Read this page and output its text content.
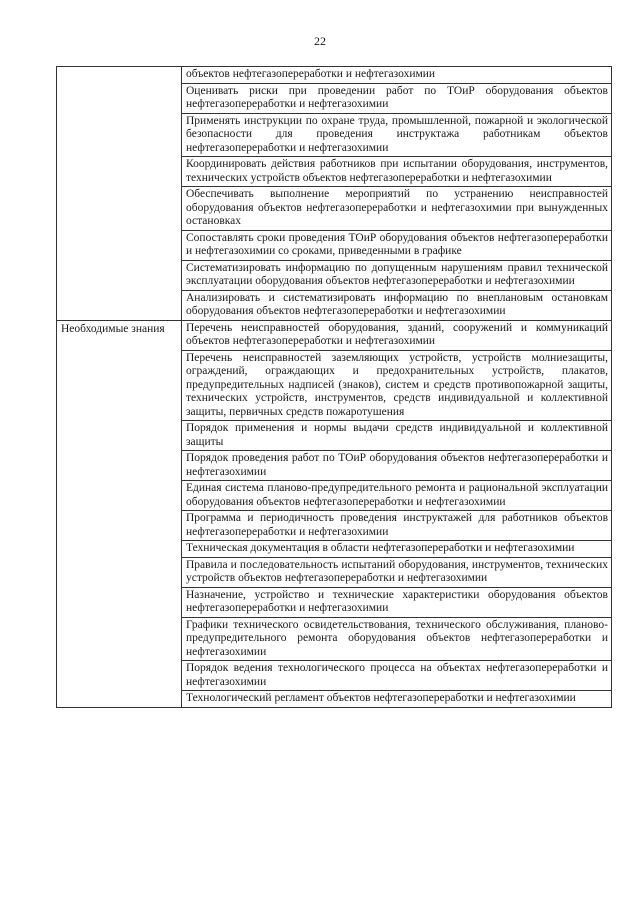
22
	объектов нефтегазопереработки и нефтегазохимии
	Оценивать риски при проведении работ по ТОиР оборудования объектов нефтегазопереработки и нефтегазохимии
	Применять инструкции по охране труда, промышленной, пожарной и экологической безопасности для проведения инструктажа работникам объектов нефтегазопереработки и нефтегазохимии
	Координировать действия работников при испытании оборудования, инструментов, технических устройств объектов нефтегазопереработки и нефтегазохимии
	Обеспечивать выполнение мероприятий по устранению неисправностей оборудования объектов нефтегазопереработки и нефтегазохимии при вынужденных остановках
	Сопоставлять сроки проведения ТОиР оборудования объектов нефтегазопереработки и нефтегазохимии со сроками, приведенными в графике
	Систематизировать информацию по допущенным нарушениям правил технической эксплуатации оборудования объектов нефтегазопереработки и нефтегазохимии
	Анализировать и систематизировать информацию по внеплановым остановкам оборудования объектов нефтегазопереработки и нефтегазохимии

Необходимые знания	Перечень неисправностей оборудования, зданий, сооружений и коммуникаций объектов нефтегазопереработки и нефтегазохимии
	Перечень неисправностей заземляющих устройств, устройств молниезащиты, ограждений, ограждающих и предохранительных устройств, плакатов, предупредительных надписей (знаков), систем и средств противопожарной защиты, технических устройств, инструментов, средств индивидуальной и коллективной защиты, первичных средств пожаротушения
	Порядок применения и нормы выдачи средств индивидуальной и коллективной защиты
	Порядок проведения работ по ТОиР оборудования объектов нефтегазопереработки и нефтегазохимии
	Единая система планово-предупредительного ремонта и рациональной эксплуатации оборудования объектов нефтегазопереработки и нефтегазохимии
	Программа и периодичность проведения инструктажей для работников объектов нефтегазопереработки и нефтегазохимии
	Техническая документация в области нефтегазопереработки и нефтегазохимии
	Правила и последовательность испытаний оборудования, инструментов, технических устройств объектов нефтегазопереработки и нефтегазохимии
	Назначение, устройство и технические характеристики оборудования объектов нефтегазопереработки и нефтегазохимии
	Графики технического освидетельствования, технического обслуживания, планово-предупредительного ремонта оборудования объектов нефтегазопереработки и нефтегазохимии
	Порядок ведения технологического процесса на объектах нефтегазопереработки и нефтегазохимии
	Технологический регламент объектов нефтегазопереработки и нефтегазохимии
